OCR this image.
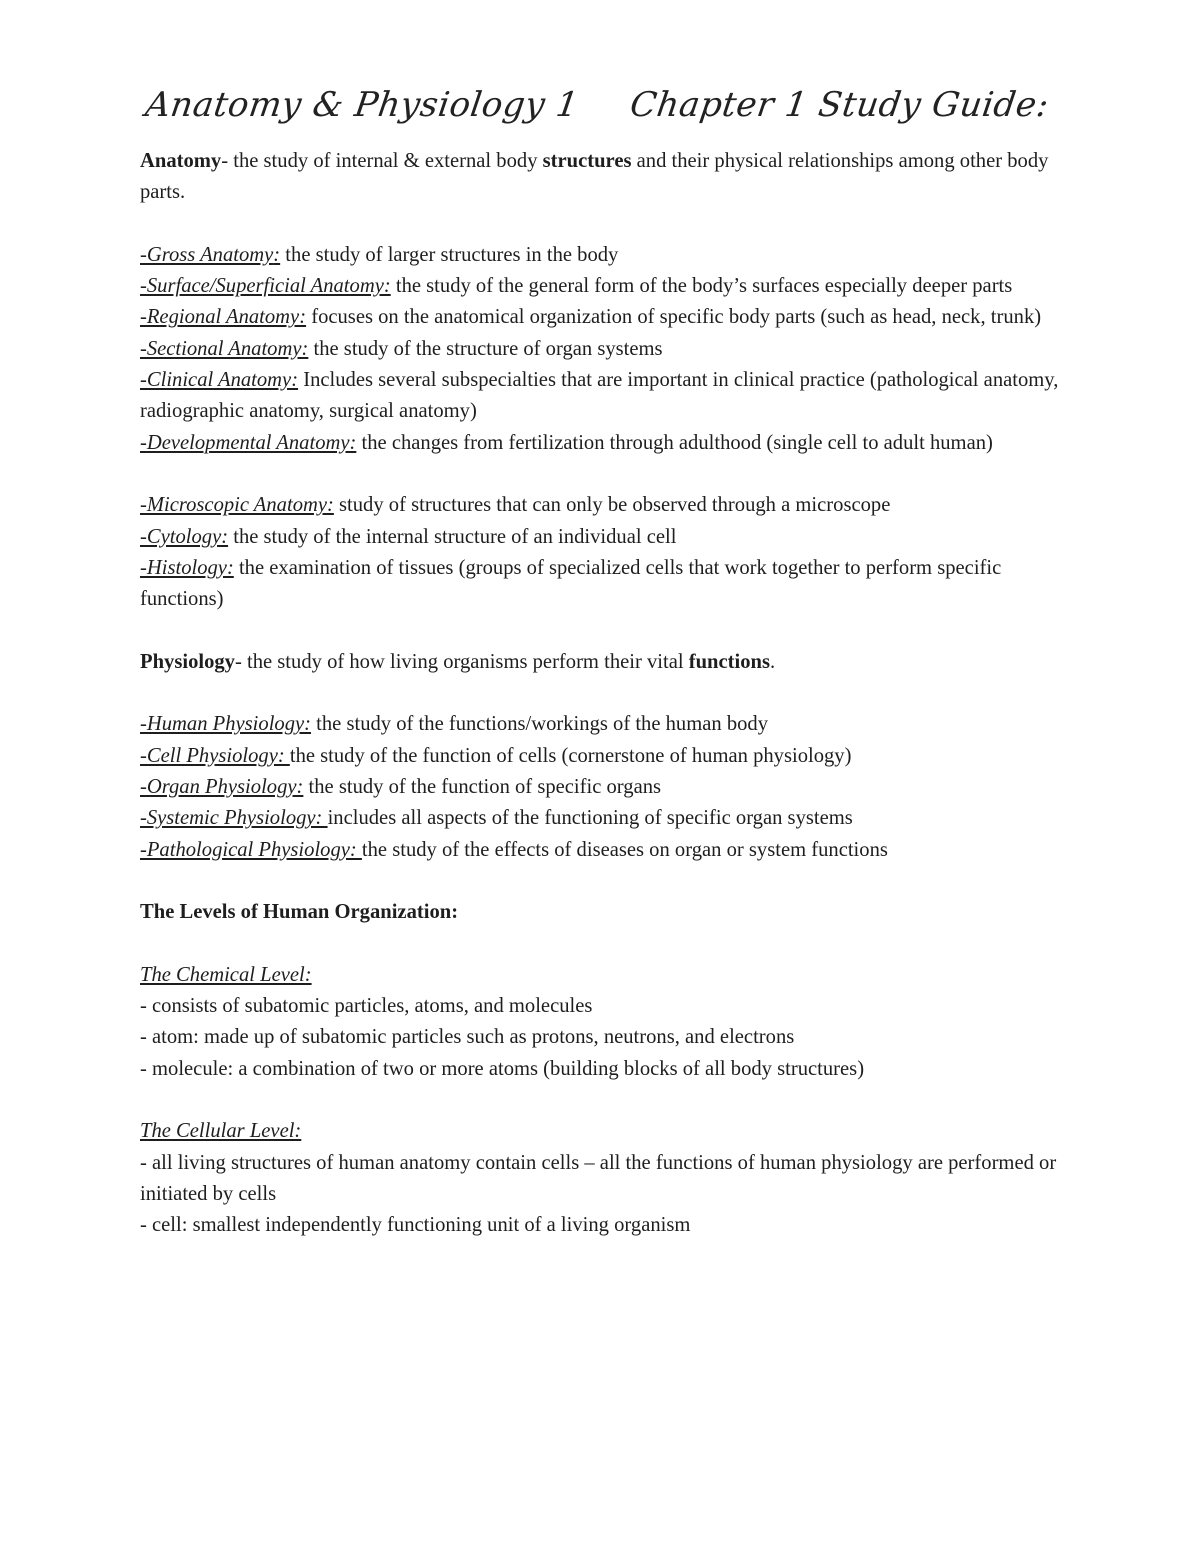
Anatomy & Physiology 1 Chapter 1 Study Guide:

Anatomy- the study of internal & external body structures and their physical relationships among other body parts.

-Gross Anatomy: the study of larger structures in the body

-Surface/Superficial Anatomy: the study of the general form of the body’s surfaces especially deeper parts

-Regional Anatomy: focuses on the anatomical organization of specific body parts (such as head, neck, trunk)

-Sectional Anatomy: the study of the structure of organ systems

-Clinical Anatomy: Includes several subspecialties that are important in clinical practice (pathological anatomy, radiographic anatomy, surgical anatomy)

-Developmental Anatomy: the changes from fertilization through adulthood (single cell to adult human)

-Microscopic Anatomy: study of structures that can only be observed through a microscope

-Cytology: the study of the internal structure of an individual cell

-Histology: the examination of tissues (groups of specialized cells that work together to perform specific functions)

Physiology- the study of how living organisms perform their vital functions.

-Human Physiology: the study of the functions/workings of the human body

-Cell Physiology: the study of the function of cells (cornerstone of human physiology)

-Organ Physiology: the study of the function of specific organs

-Systemic Physiology: includes all aspects of the functioning of specific organ systems

-Pathological Physiology: the study of the effects of diseases on organ or system functions

The Levels of Human Organization:

The Chemical Level:

- consists of subatomic particles, atoms, and molecules

- atom: made up of subatomic particles such as protons, neutrons, and electrons

- molecule: a combination of two or more atoms (building blocks of all body structures)

The Cellular Level:

- all living structures of human anatomy contain cells – all the functions of human physiology are performed or initiated by cells

- cell: smallest independently functioning unit of a living organism
